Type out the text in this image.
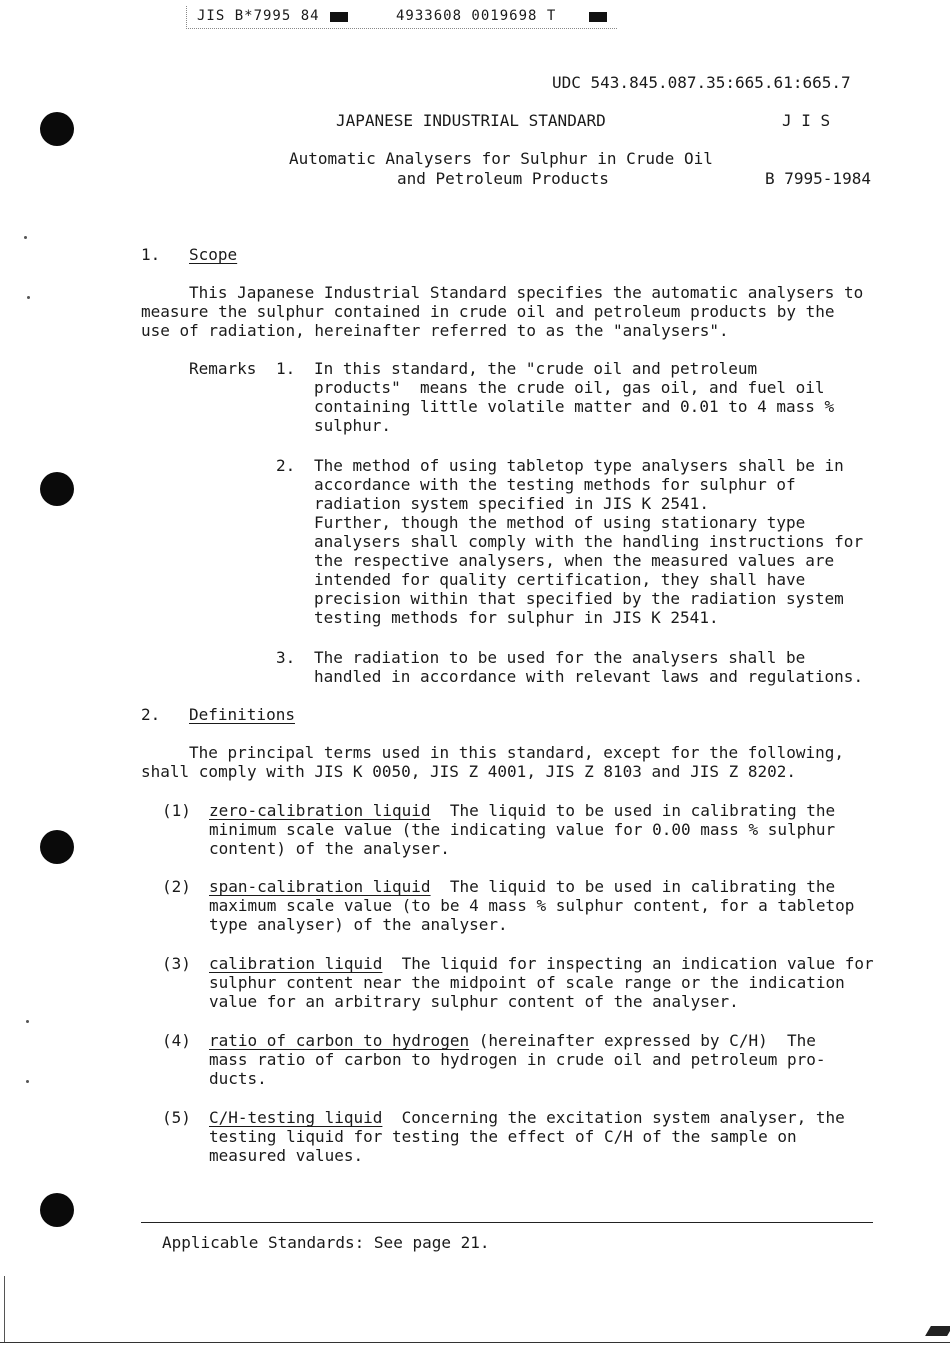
JIS B*7995 84

	4933608 0019698 T

UDC 543.845.087.35:665.61:665.7
JAPANESE INDUSTRIAL STANDARD	J I S
Automatic Analysers for Sulphur in Crude Oil
and Petroleum Products	B 7995-1984
1. Scope
This Japanese Industrial Standard specifies the automatic analysers to
measure the sulphur contained in crude oil and petroleum products by the
use of radiation, hereinafter referred to as the "analysers".
Remarks 1. In this standard, the "crude oil and petroleum
products"  means the crude oil, gas oil, and fuel oil
containing little volatile matter and 0.01 to 4 mass %
sulphur.
2. The method of using tabletop type analysers shall be in
accordance with the testing methods for sulphur of
radiation system specified in JIS K 2541.
Further, though the method of using stationary type
analysers shall comply with the handling instructions for
the respective analysers, when the measured values are
intended for quality certification, they shall have
precision within that specified by the radiation system
testing methods for sulphur in JIS K 2541.
3. The radiation to be used for the analysers shall be
handled in accordance with relevant laws and regulations.
2. Definitions
The principal terms used in this standard, except for the following,
shall comply with JIS K 0050, JIS Z 4001, JIS Z 8103 and JIS Z 8202.
(1) zero-calibration liquid  The liquid to be used in calibrating the
minimum scale value (the indicating value for 0.00 mass % sulphur
content) of the analyser.
(2) span-calibration liquid  The liquid to be used in calibrating the
maximum scale value (to be 4 mass % sulphur content, for a tabletop
type analyser) of the analyser.
(3) calibration liquid  The liquid for inspecting an indication value for
sulphur content near the midpoint of scale range or the indication
value for an arbitrary sulphur content of the analyser.
(4) ratio of carbon to hydrogen (hereinafter expressed by C/H)  The
mass ratio of carbon to hydrogen in crude oil and petroleum pro-
ducts.
(5) C/H-testing liquid  Concerning the excitation system analyser, the
testing liquid for testing the effect of C/H of the sample on
measured values.
Applicable Standards: See page 21.
